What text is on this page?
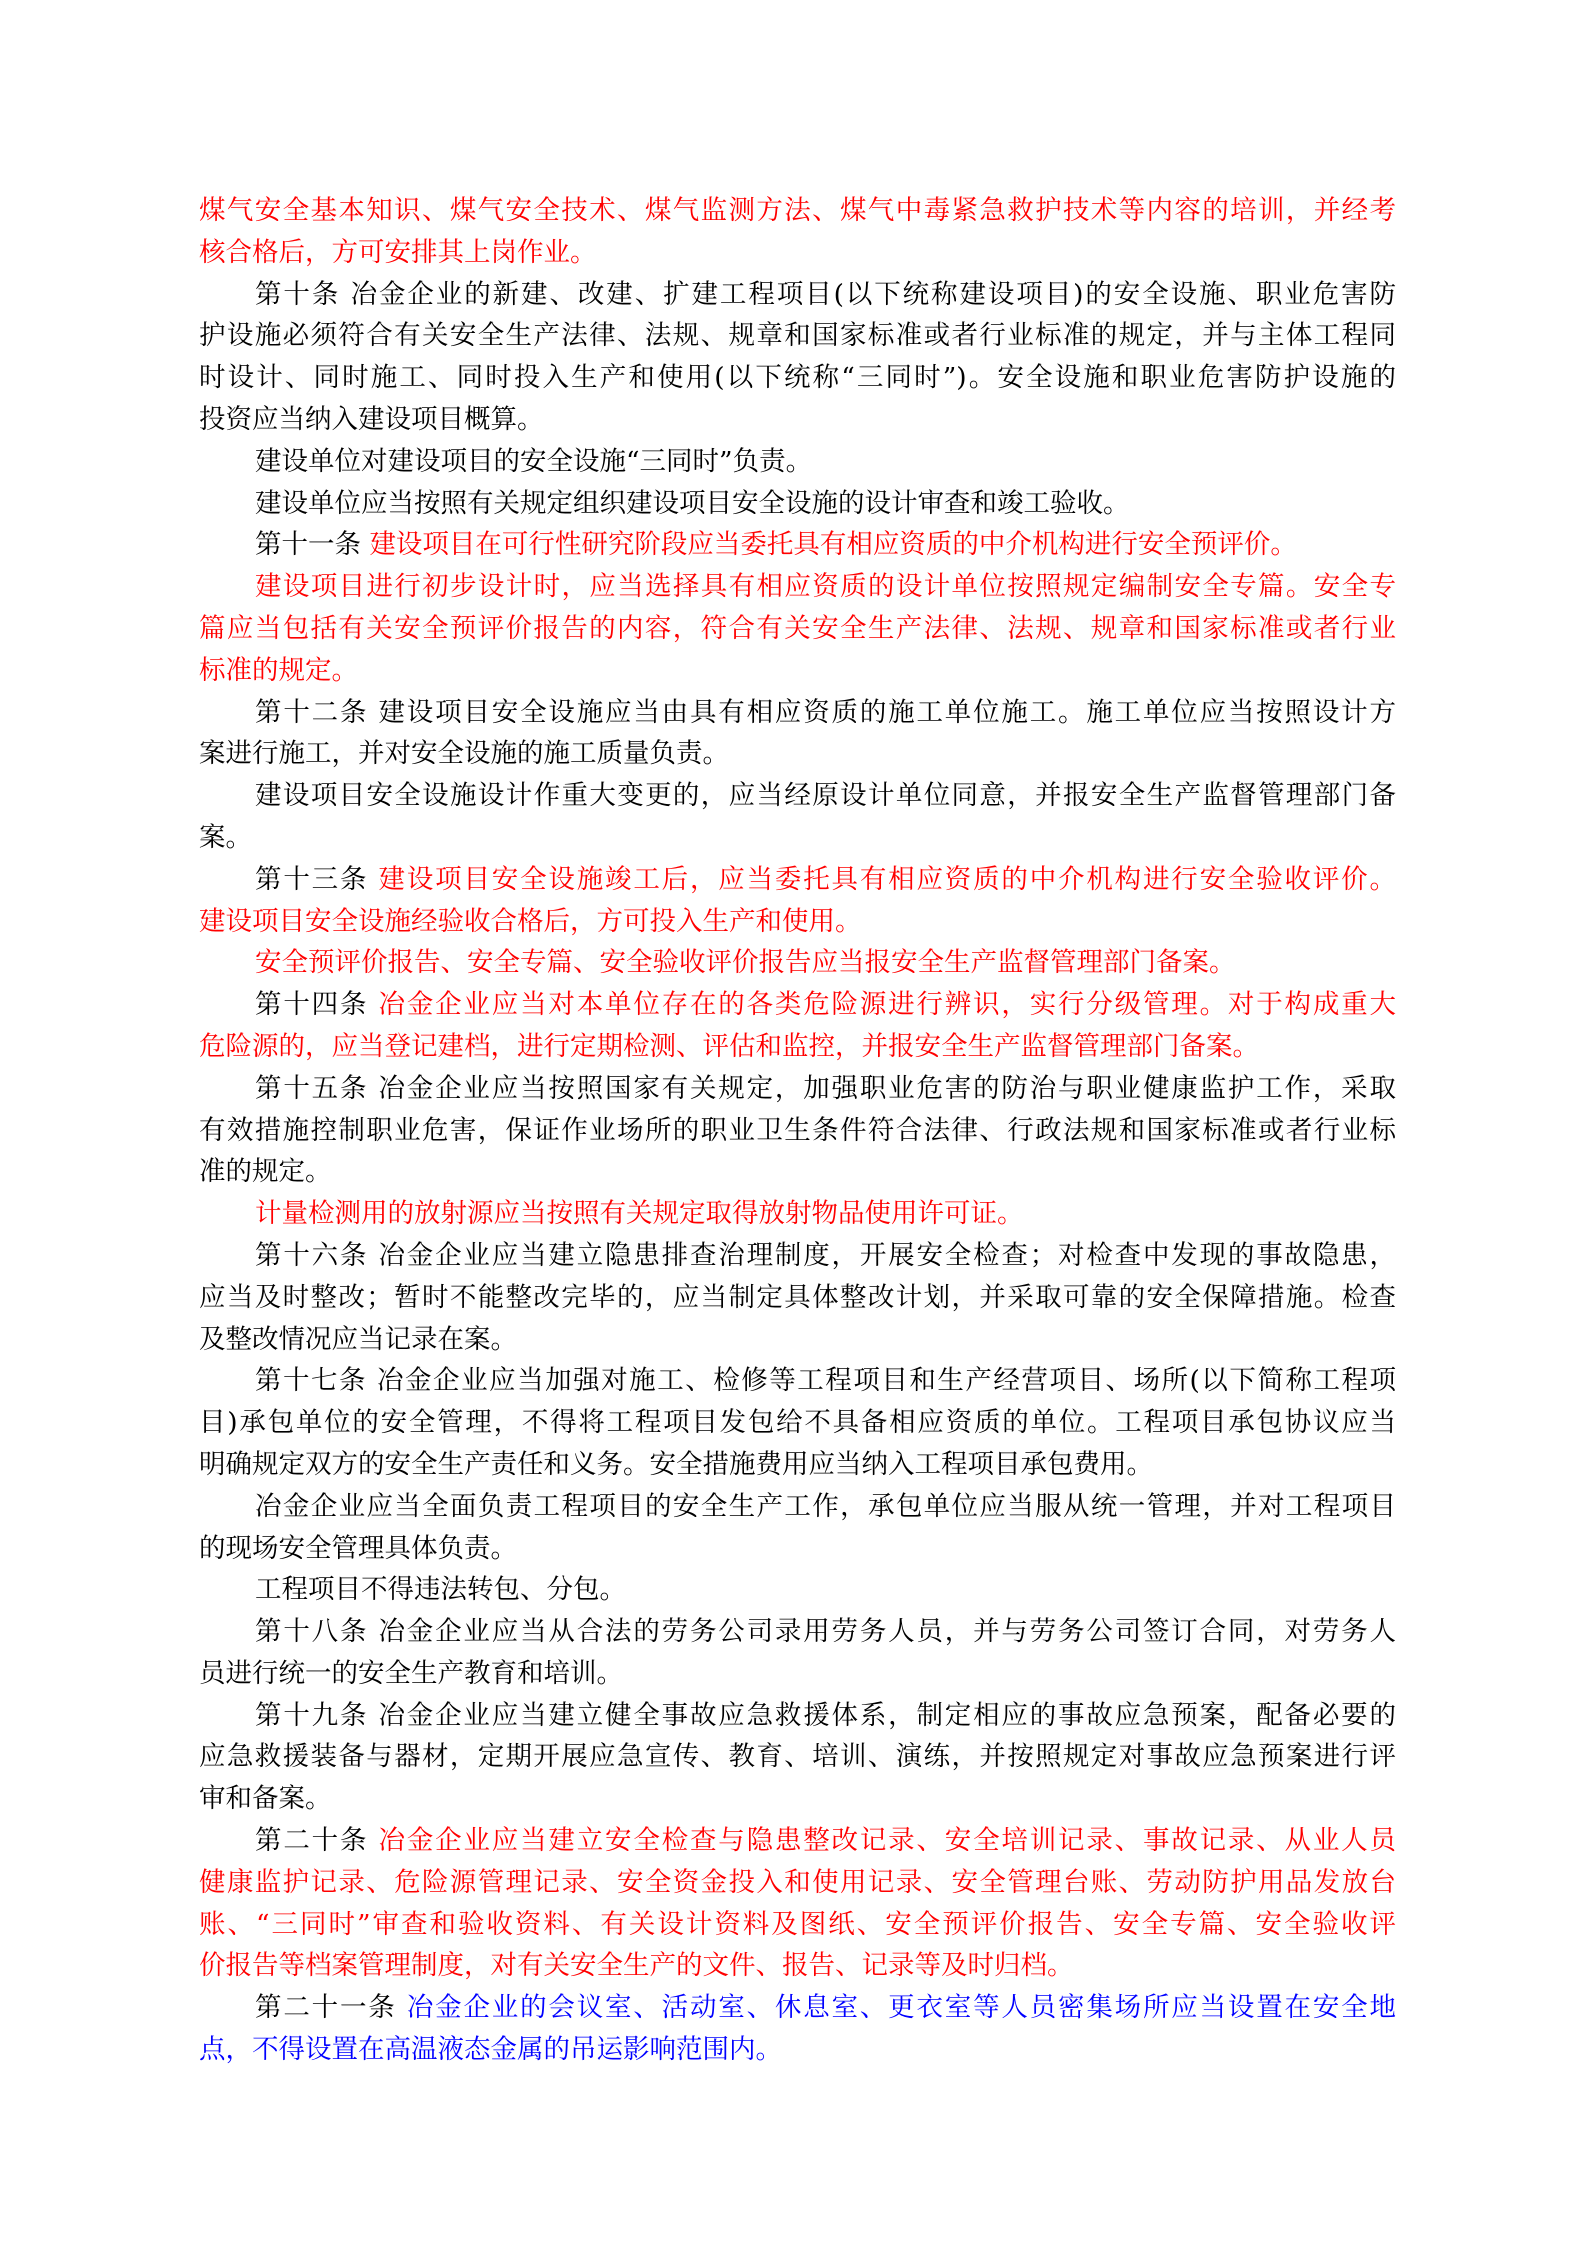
煤气安全基本知识、煤气安全技术、煤气监测方法、煤气中毒紧急救护技术等内容的培训，并经考
核合格后，方可安排其上岗作业。
第十条 冶金企业的新建、改建、扩建工程项目(以下统称建设项目)的安全设施、职业危害防
护设施必须符合有关安全生产法律、法规、规章和国家标准或者行业标准的规定，并与主体工程同
时设计、同时施工、同时投入生产和使用(以下统称“三同时”)。安全设施和职业危害防护设施的
投资应当纳入建设项目概算。
建设单位对建设项目的安全设施“三同时”负责。
建设单位应当按照有关规定组织建设项目安全设施的设计审查和竣工验收。
第十一条 建设项目在可行性研究阶段应当委托具有相应资质的中介机构进行安全预评价。
建设项目进行初步设计时，应当选择具有相应资质的设计单位按照规定编制安全专篇。安全专
篇应当包括有关安全预评价报告的内容，符合有关安全生产法律、法规、规章和国家标准或者行业
标准的规定。
第十二条 建设项目安全设施应当由具有相应资质的施工单位施工。施工单位应当按照设计方
案进行施工，并对安全设施的施工质量负责。
建设项目安全设施设计作重大变更的，应当经原设计单位同意，并报安全生产监督管理部门备
案。
第十三条 建设项目安全设施竣工后，应当委托具有相应资质的中介机构进行安全验收评价。
建设项目安全设施经验收合格后，方可投入生产和使用。
安全预评价报告、安全专篇、安全验收评价报告应当报安全生产监督管理部门备案。
第十四条 冶金企业应当对本单位存在的各类危险源进行辨识，实行分级管理。对于构成重大
危险源的，应当登记建档，进行定期检测、评估和监控，并报安全生产监督管理部门备案。
第十五条 冶金企业应当按照国家有关规定，加强职业危害的防治与职业健康监护工作，采取
有效措施控制职业危害，保证作业场所的职业卫生条件符合法律、行政法规和国家标准或者行业标
准的规定。
计量检测用的放射源应当按照有关规定取得放射物品使用许可证。
第十六条 冶金企业应当建立隐患排查治理制度，开展安全检查；对检查中发现的事故隐患，
应当及时整改；暂时不能整改完毕的，应当制定具体整改计划，并采取可靠的安全保障措施。检查
及整改情况应当记录在案。
第十七条 冶金企业应当加强对施工、检修等工程项目和生产经营项目、场所(以下简称工程项
目)承包单位的安全管理，不得将工程项目发包给不具备相应资质的单位。工程项目承包协议应当
明确规定双方的安全生产责任和义务。安全措施费用应当纳入工程项目承包费用。
冶金企业应当全面负责工程项目的安全生产工作，承包单位应当服从统一管理，并对工程项目
的现场安全管理具体负责。
工程项目不得违法转包、分包。
第十八条 冶金企业应当从合法的劳务公司录用劳务人员，并与劳务公司签订合同，对劳务人
员进行统一的安全生产教育和培训。
第十九条 冶金企业应当建立健全事故应急救援体系，制定相应的事故应急预案，配备必要的
应急救援装备与器材，定期开展应急宣传、教育、培训、演练，并按照规定对事故应急预案进行评
审和备案。
第二十条 冶金企业应当建立安全检查与隐患整改记录、安全培训记录、事故记录、从业人员
健康监护记录、危险源管理记录、安全资金投入和使用记录、安全管理台账、劳动防护用品发放台
账、“三同时”审查和验收资料、有关设计资料及图纸、安全预评价报告、安全专篇、安全验收评
价报告等档案管理制度，对有关安全生产的文件、报告、记录等及时归档。
第二十一条 冶金企业的会议室、活动室、休息室、更衣室等人员密集场所应当设置在安全地
点，不得设置在高温液态金属的吊运影响范围内。
